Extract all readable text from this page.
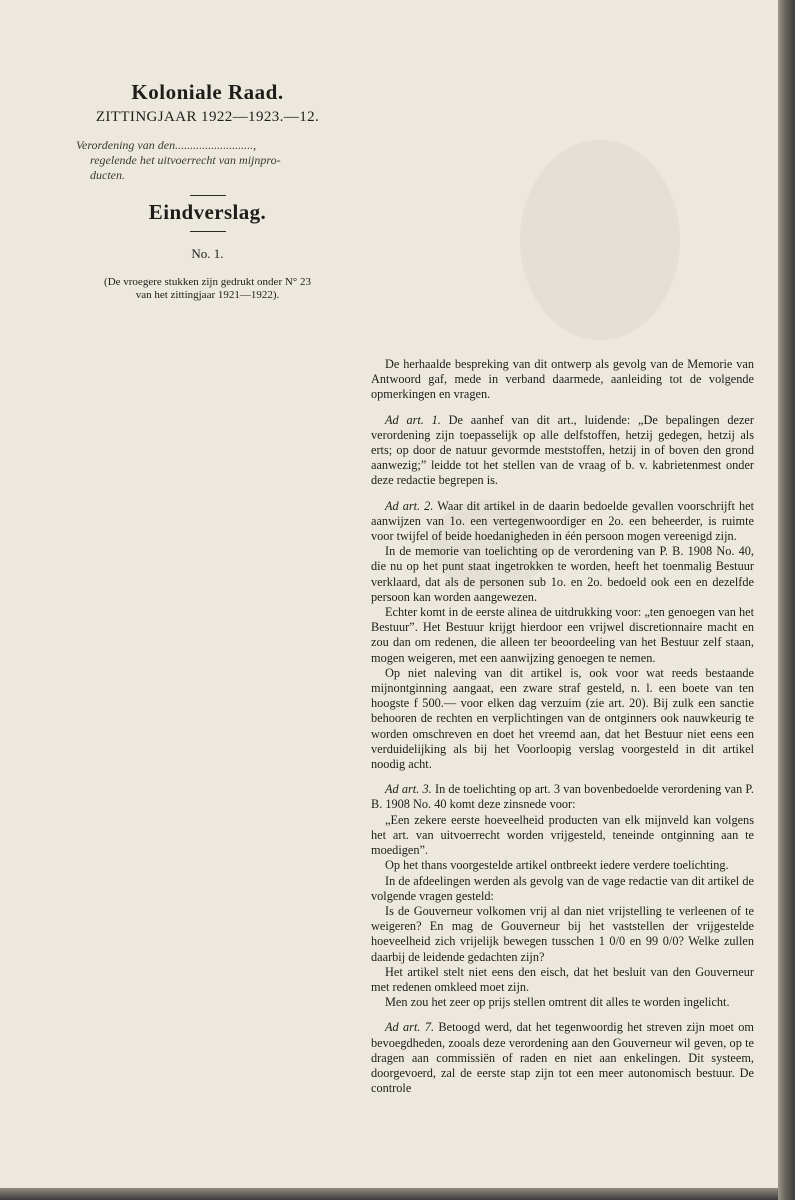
Koloniale Raad.

ZITTINGJAAR 1922—1923.—12.

Verordening van den..........................,
regelende het uitvoerrecht van mijnpro-
ducten.
Eindverslag.

No. 1.

(De vroegere stukken zijn gedrukt onder N° 23
van het zittingjaar 1921—1922).

De herhaalde bespreking van dit ontwerp als gevolg van de Memorie van Antwoord gaf, mede in verband daarmede, aanleiding tot de volgende opmerkingen en vragen.

Ad art. 1. De aanhef van dit art., luidende: „De bepalingen dezer verordening zijn toepasselijk op alle delfstoffen, hetzij gedegen, hetzij als erts; op door de natuur gevormde meststoffen, hetzij in of boven den grond aanwezig;” leidde tot het stellen van de vraag of b. v. kabrietenmest onder deze redactie begrepen is.

Ad art. 2. Waar dit artikel in de daarin bedoelde gevallen voorschrijft het aanwijzen van 1o. een vertegenwoordiger en 2o. een beheerder, is ruimte voor twijfel of beide hoedanigheden in één persoon mogen vereenigd zijn.

In de memorie van toelichting op de verordening van P. B. 1908 No. 40, die nu op het punt staat ingetrokken te worden, heeft het toenmalig Bestuur verklaard, dat als de personen sub 1o. en 2o. bedoeld ook een en dezelfde persoon kan worden aangewezen.

Echter komt in de eerste alinea de uitdrukking voor: „ten genoegen van het Bestuur”. Het Bestuur krijgt hierdoor een vrijwel discretionnaire macht en zou dan om redenen, die alleen ter beoordeeling van het Bestuur zelf staan, mogen weigeren, met een aanwijzing genoegen te nemen.

Op niet naleving van dit artikel is, ook voor wat reeds bestaande mijnontginning aangaat, een zware straf gesteld, n. l. een boete van ten hoogste f 500.— voor elken dag verzuim (zie art. 20). Bij zulk een sanctie behooren de rechten en verplichtingen van de ontginners ook nauwkeurig te worden omschreven en doet het vreemd aan, dat het Bestuur niet eens een verduidelijking als bij het Voorloopig verslag voorgesteld in dit artikel noodig acht.

Ad art. 3. In de toelichting op art. 3 van bovenbedoelde verordening van P. B. 1908 No. 40 komt deze zinsnede voor:

„Een zekere eerste hoeveelheid producten van elk mijnveld kan volgens het art. van uitvoerrecht worden vrijgesteld, teneinde ontginning aan te moedigen”.

Op het thans voorgestelde artikel ontbreekt iedere verdere toelichting.

In de afdeelingen werden als gevolg van de vage redactie van dit artikel de volgende vragen gesteld:

Is de Gouverneur volkomen vrij al dan niet vrijstelling te verleenen of te weigeren? En mag de Gouverneur bij het vaststellen der vrijgestelde hoeveelheid zich vrijelijk bewegen tusschen 1 0/0 en 99 0/0? Welke zullen daarbij de leidende gedachten zijn?

Het artikel stelt niet eens den eisch, dat het besluit van den Gouverneur met redenen omkleed moet zijn.

Men zou het zeer op prijs stellen omtrent dit alles te worden ingelicht.

Ad art. 7. Betoogd werd, dat het tegenwoordig het streven zijn moet om bevoegdheden, zooals deze verordening aan den Gouverneur wil geven, op te dragen aan commissiën of raden en niet aan enkelingen. Dit systeem, doorgevoerd, zal de eerste stap zijn tot een meer autonomisch bestuur. De controle
